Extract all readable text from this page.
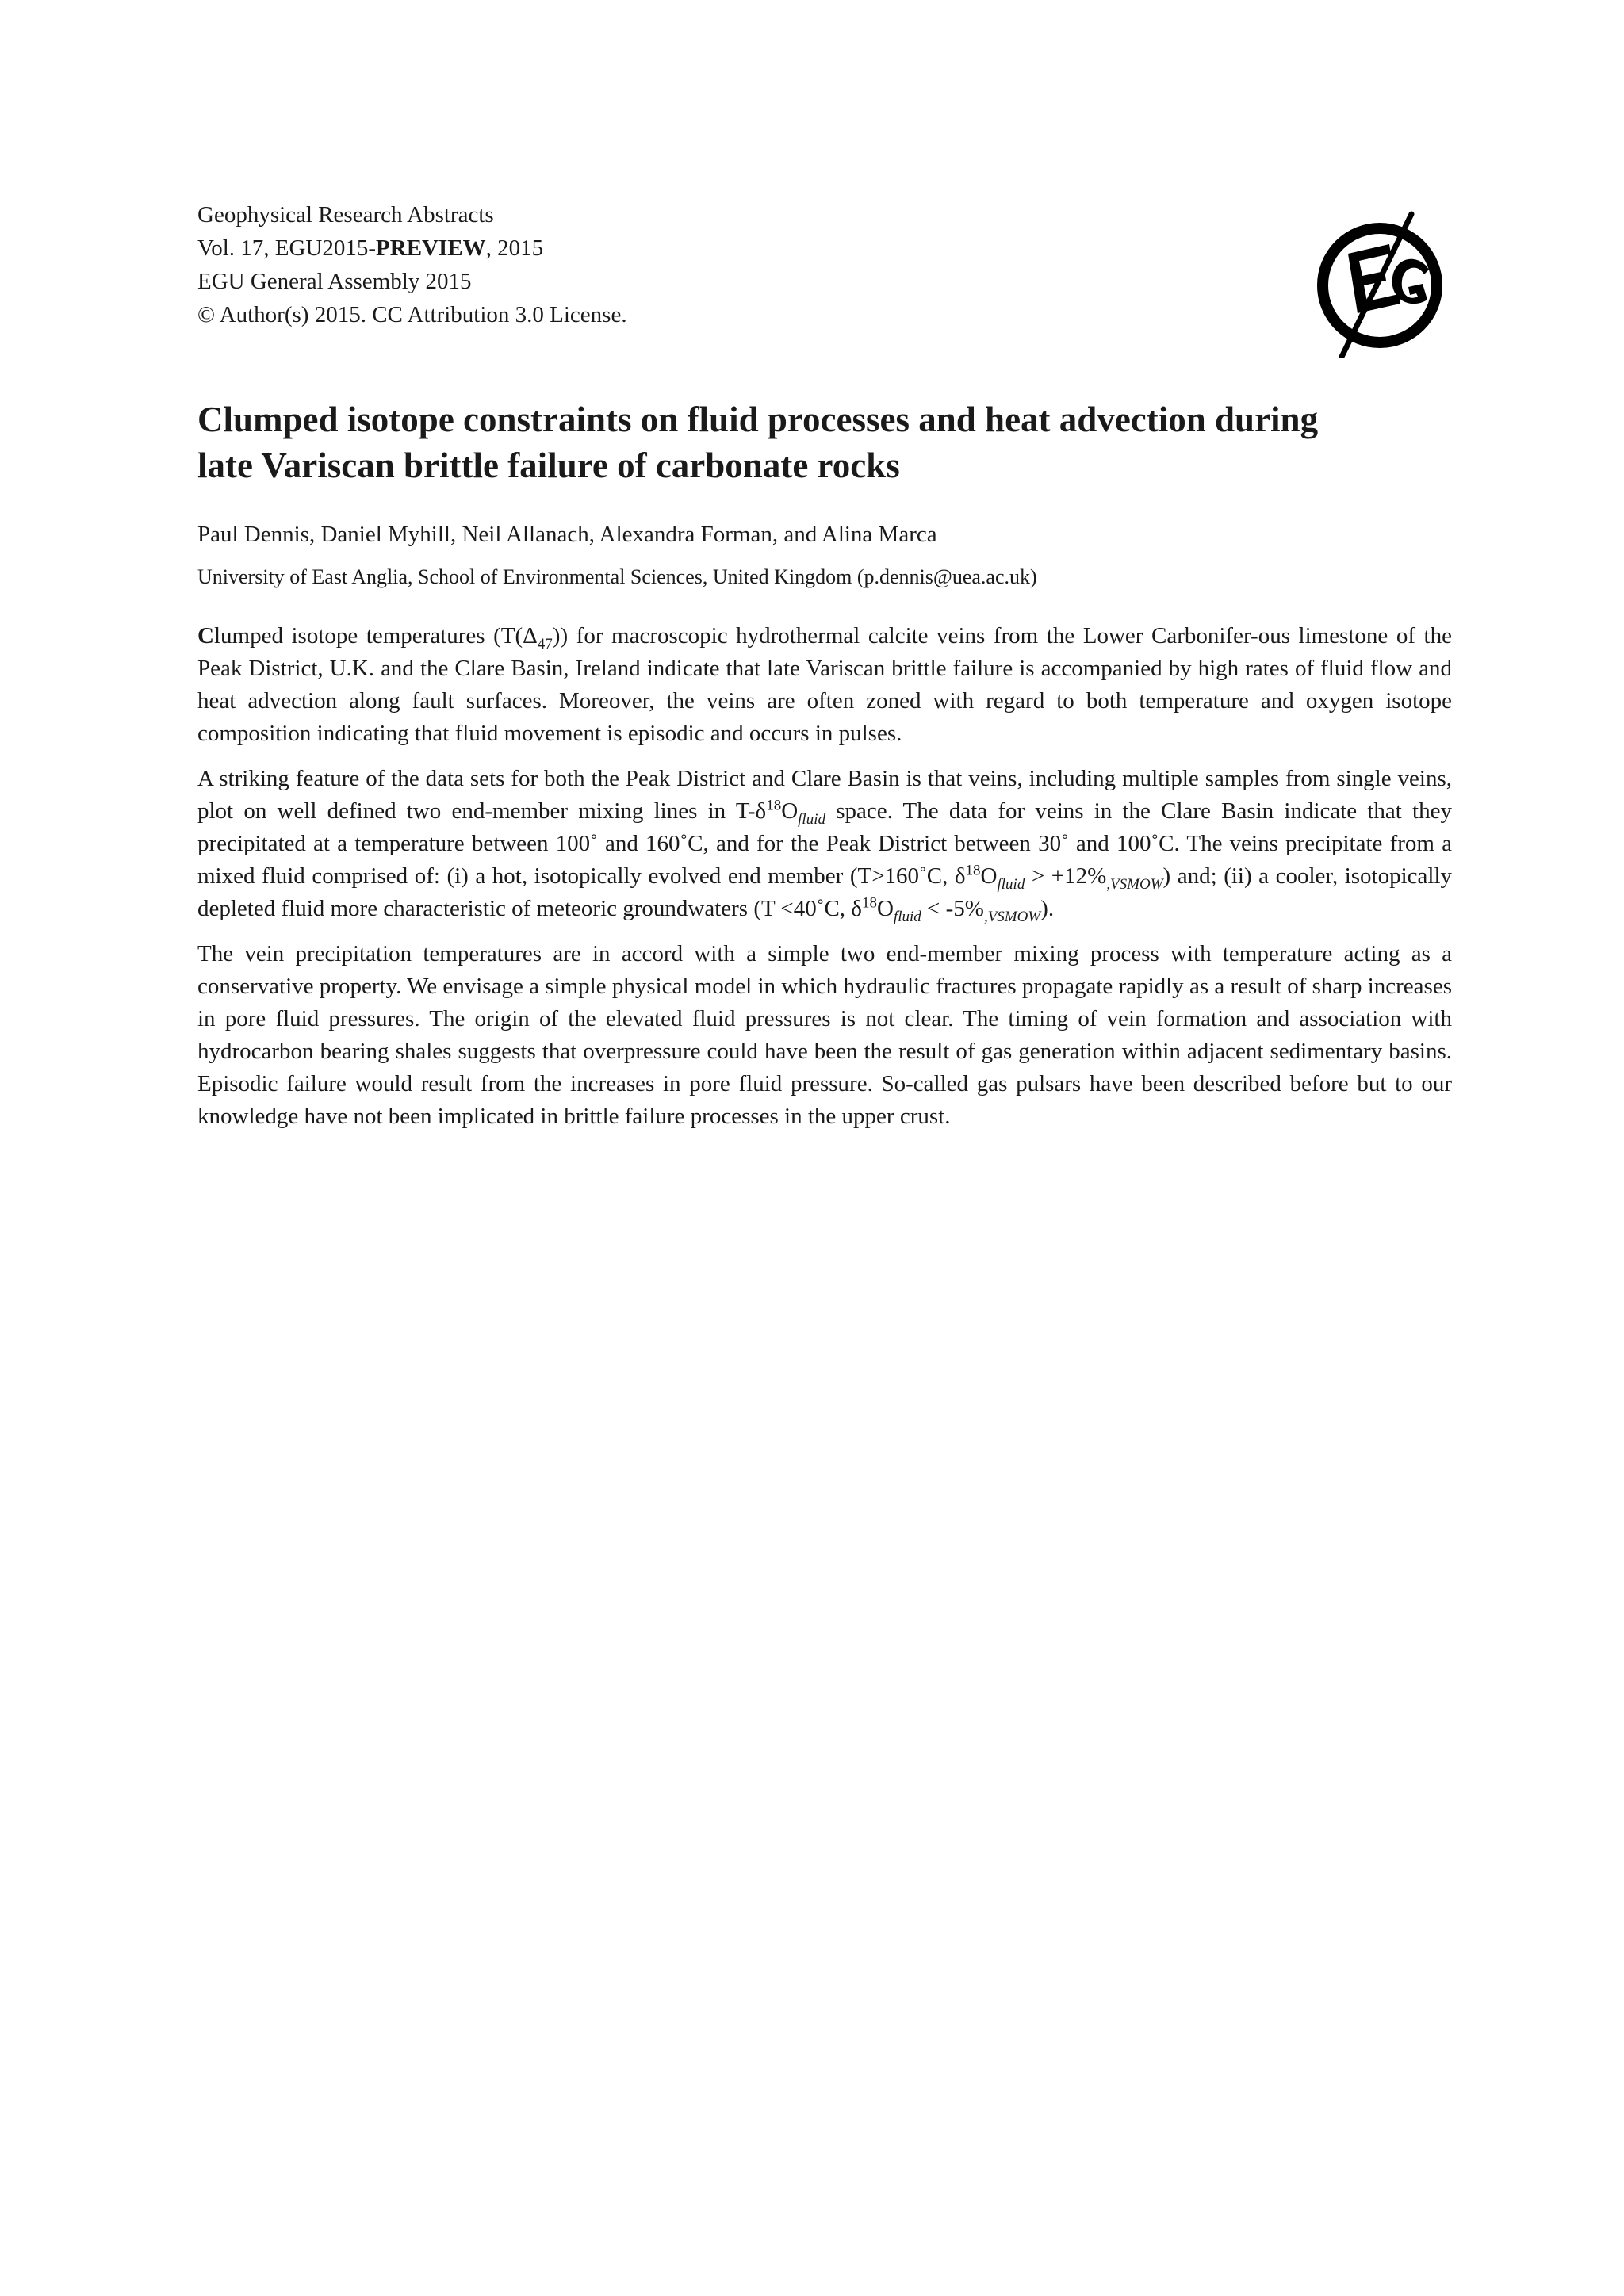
Geophysical Research Abstracts
Vol. 17, EGU2015-PREVIEW, 2015
EGU General Assembly 2015
© Author(s) 2015. CC Attribution 3.0 License.
Clumped isotope constraints on fluid processes and heat advection during
late Variscan brittle failure of carbonate rocks
Paul Dennis, Daniel Myhill, Neil Allanach, Alexandra Forman, and Alina Marca
University of East Anglia, School of Environmental Sciences, United Kingdom (p.dennis@uea.ac.uk)

Clumped isotope temperatures $(T(\Delta_{47}))$ for macroscopic hydrothermal calcite veins from the Lower Carbonifer-ous limestone of the Peak District, U.K. and the Clare Basin, Ireland indicate that late Variscan brittle failure is accompanied by high rates of fluid flow and heat advection along fault surfaces. Moreover, the veins are often zoned with regard to both temperature and oxygen isotope composition indicating that fluid movement is episodic and occurs in pulses.

A striking feature of the data sets for both the Peak District and Clare Basin is that veins, including multiple samples from single veins, plot on well defined two end-member mixing lines in $T-\delta^{18}O_{fluid}$ space. The data for veins in the Clare Basin indicate that they precipitated at a temperature between 100˚ and 160˚C, and for the Peak District between 30˚ and 100˚C. The veins precipitate from a mixed fluid comprised of: (i) a hot, isotopically evolved end member (T>160˚C, $\delta^{18}O_{fluid} > +12\%_{,VSMOW}$) and; (ii) a cooler, isotopically depleted fluid more characteristic of meteoric groundwaters (T <40˚C, $\delta^{18}O_{fluid} < -5\%_{,VSMOW}$).

The vein precipitation temperatures are in accord with a simple two end-member mixing process with temperature acting as a conservative property. We envisage a simple physical model in which hydraulic fractures propagate rapidly as a result of sharp increases in pore fluid pressures. The origin of the elevated fluid pressures is not clear. The timing of vein formation and association with hydrocarbon bearing shales suggests that overpressure could have been the result of gas generation within adjacent sedimentary basins. Episodic failure would result from the increases in pore fluid pressure. So-called gas pulsars have been described before but to our knowledge have not been implicated in brittle failure processes in the upper crust.
